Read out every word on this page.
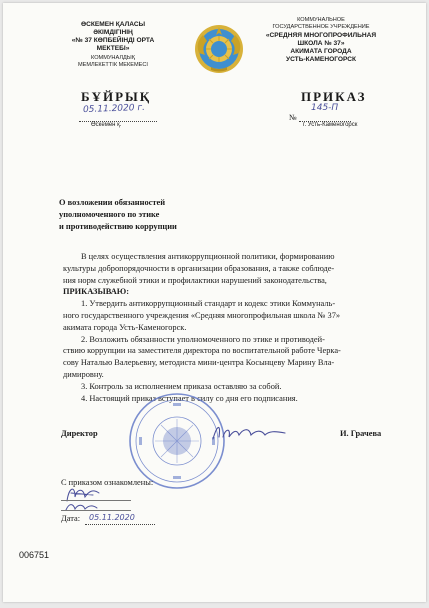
ӨСКЕМЕН ҚАЛАСЫ
ӘКІМДІГІНІҢ
«№ 37 КӨПБЕЙІНДІ ОРТА
МЕКТЕБІ»
КОММУНАЛДЫҚ
МЕМЛЕКЕТТІК МЕКЕМЕСІ
КОММУНАЛЬНОЕ
ГОСУДАРСТВЕННОЕ УЧРЕЖДЕНИЕ
«СРЕДНЯЯ МНОГОПРОФИЛЬНАЯ
ШКОЛА № 37»
АКИМАТА ГОРОДА
УСТЬ-КАМЕНОГОРСК
БҰЙРЫҚ	ПРИКАЗ
05.11.2020 г.
Өскемен қ.
№
145-П
г. Усть-Каменогорск
О возложении обязанностей
уполномоченного по этике
и противодействию коррупции
В целях осуществления антикоррупционной политики, формированию
культуры добропорядочности в организации образования, а также соблюде-
ния норм служебной этики и профилактики нарушений законодательства,
ПРИКАЗЫВАЮ:
1. Утвердить антикоррупционный стандарт и кодекс этики Коммуналь-
ного государственного учреждения «Средняя многопрофильная школа № 37»
акимата города Усть-Каменогорск.
2. Возложить обязанности уполномоченного по этике и противодей-
ствию коррупции на заместителя директора по воспитательной работе Черка-
сову Наталью Валерьевну, методиста мини-центра Косынцеву Марину Вла-
димировну.
3. Контроль за исполнением приказа оставляю за собой.
4. Настоящий приказ вступает в силу со дня его подписания.
Директор	И. Грачева
С приказом ознакомлены:
Дата: 05.11.2020
006751
